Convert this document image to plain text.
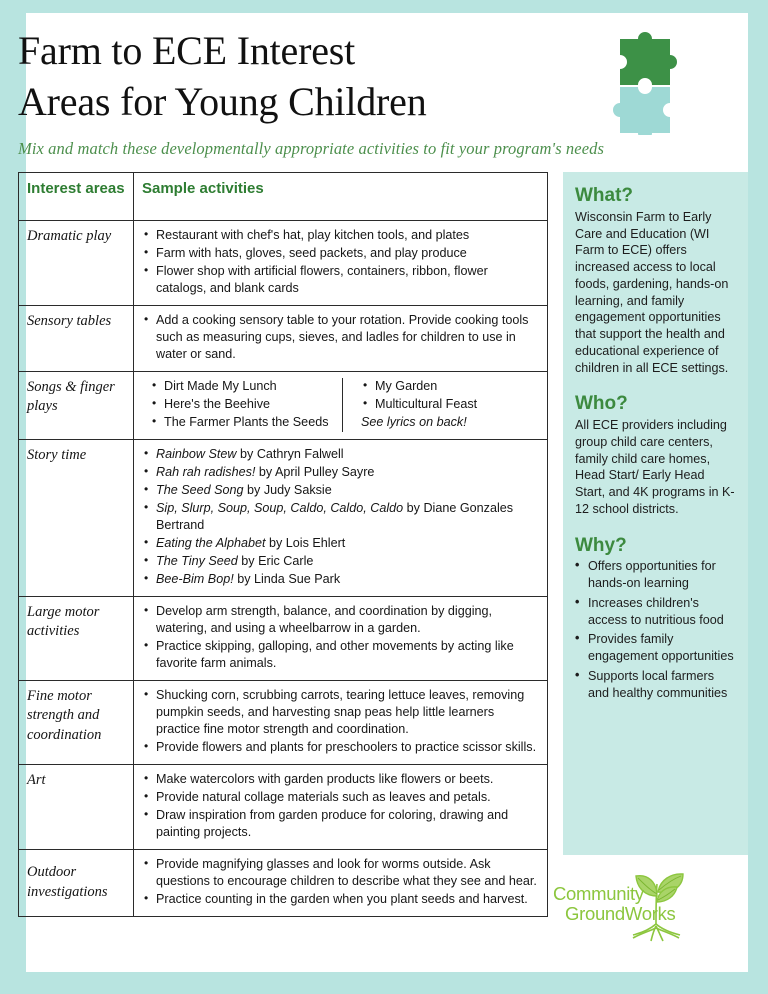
Farm to ECE Interest
Areas for Young Children
Mix and match these developmentally appropriate activities to fit your program's needs
Interest areas	Sample activities
Dramatic play	
•Restaurant with chef's hat, play kitchen tools, and plates
• Farm with hats, gloves, seed packets, and play produce
• Flower shop with artificial flowers, containers, ribbon, flower catalogs, and blank cards

Sensory tables	
•Add a cooking sensory table to your rotation. Provide cooking tools such as measuring cups, sieves, and ladles for children to use in water or sand.

Songs & finger plays	
• Dirt Made My Lunch
• Here's the Beehive
• The Farmer Plants the Seeds
• My Garden
• Multicultural Feast
See lyrics on back!

Story time	
•Rainbow Stew by Cathryn Falwell
• Rah rah radishes! by April Pulley Sayre
• The Seed Song by Judy Saksie
• Sip, Slurp, Soup, Soup, Caldo, Caldo, Caldo by Diane Gonzales Bertrand
• Eating the Alphabet by Lois Ehlert
• The Tiny Seed by Eric Carle
• Bee-Bim Bop! by Linda Sue Park

Large motor activities	
• Develop arm strength, balance, and coordination by digging, watering, and using a wheelbarrow in a garden.
• Practice skipping, galloping, and other movements by acting like favorite farm animals.

Fine motor strength and coordination	
• Shucking corn, scrubbing carrots, tearing lettuce leaves, removing pumpkin seeds, and harvesting snap peas help little learners practice fine motor strength and coordination.
• Provide flowers and plants for preschoolers to practice scissor skills.

Art	
•Make watercolors with garden products like flowers or beets.
• Provide natural collage materials such as leaves and petals.
• Draw inspiration from garden produce for coloring, drawing and painting projects.

Outdoor investigations	
• Provide magnifying glasses and look for worms outside. Ask questions to encourage children to describe what they see and hear.
• Practice counting in the garden when you plant seeds and harvest.
What?
Wisconsin Farm to Early Care and Education (WI Farm to ECE) offers increased access to local foods, gardening, hands-on learning, and family engagement opportunities that support the health and educational experience of children in all ECE settings.
Who?
All ECE providers including group child care centers, family child care homes, Head Start/ Early Head Start, and 4K programs in K-12 school districts.
Why?
• Offers opportunities for hands-on learning
• Increases children's access to nutritious food
• Provides family engagement opportunities
• Supports local farmers and healthy communities
Community
GroundWorks
